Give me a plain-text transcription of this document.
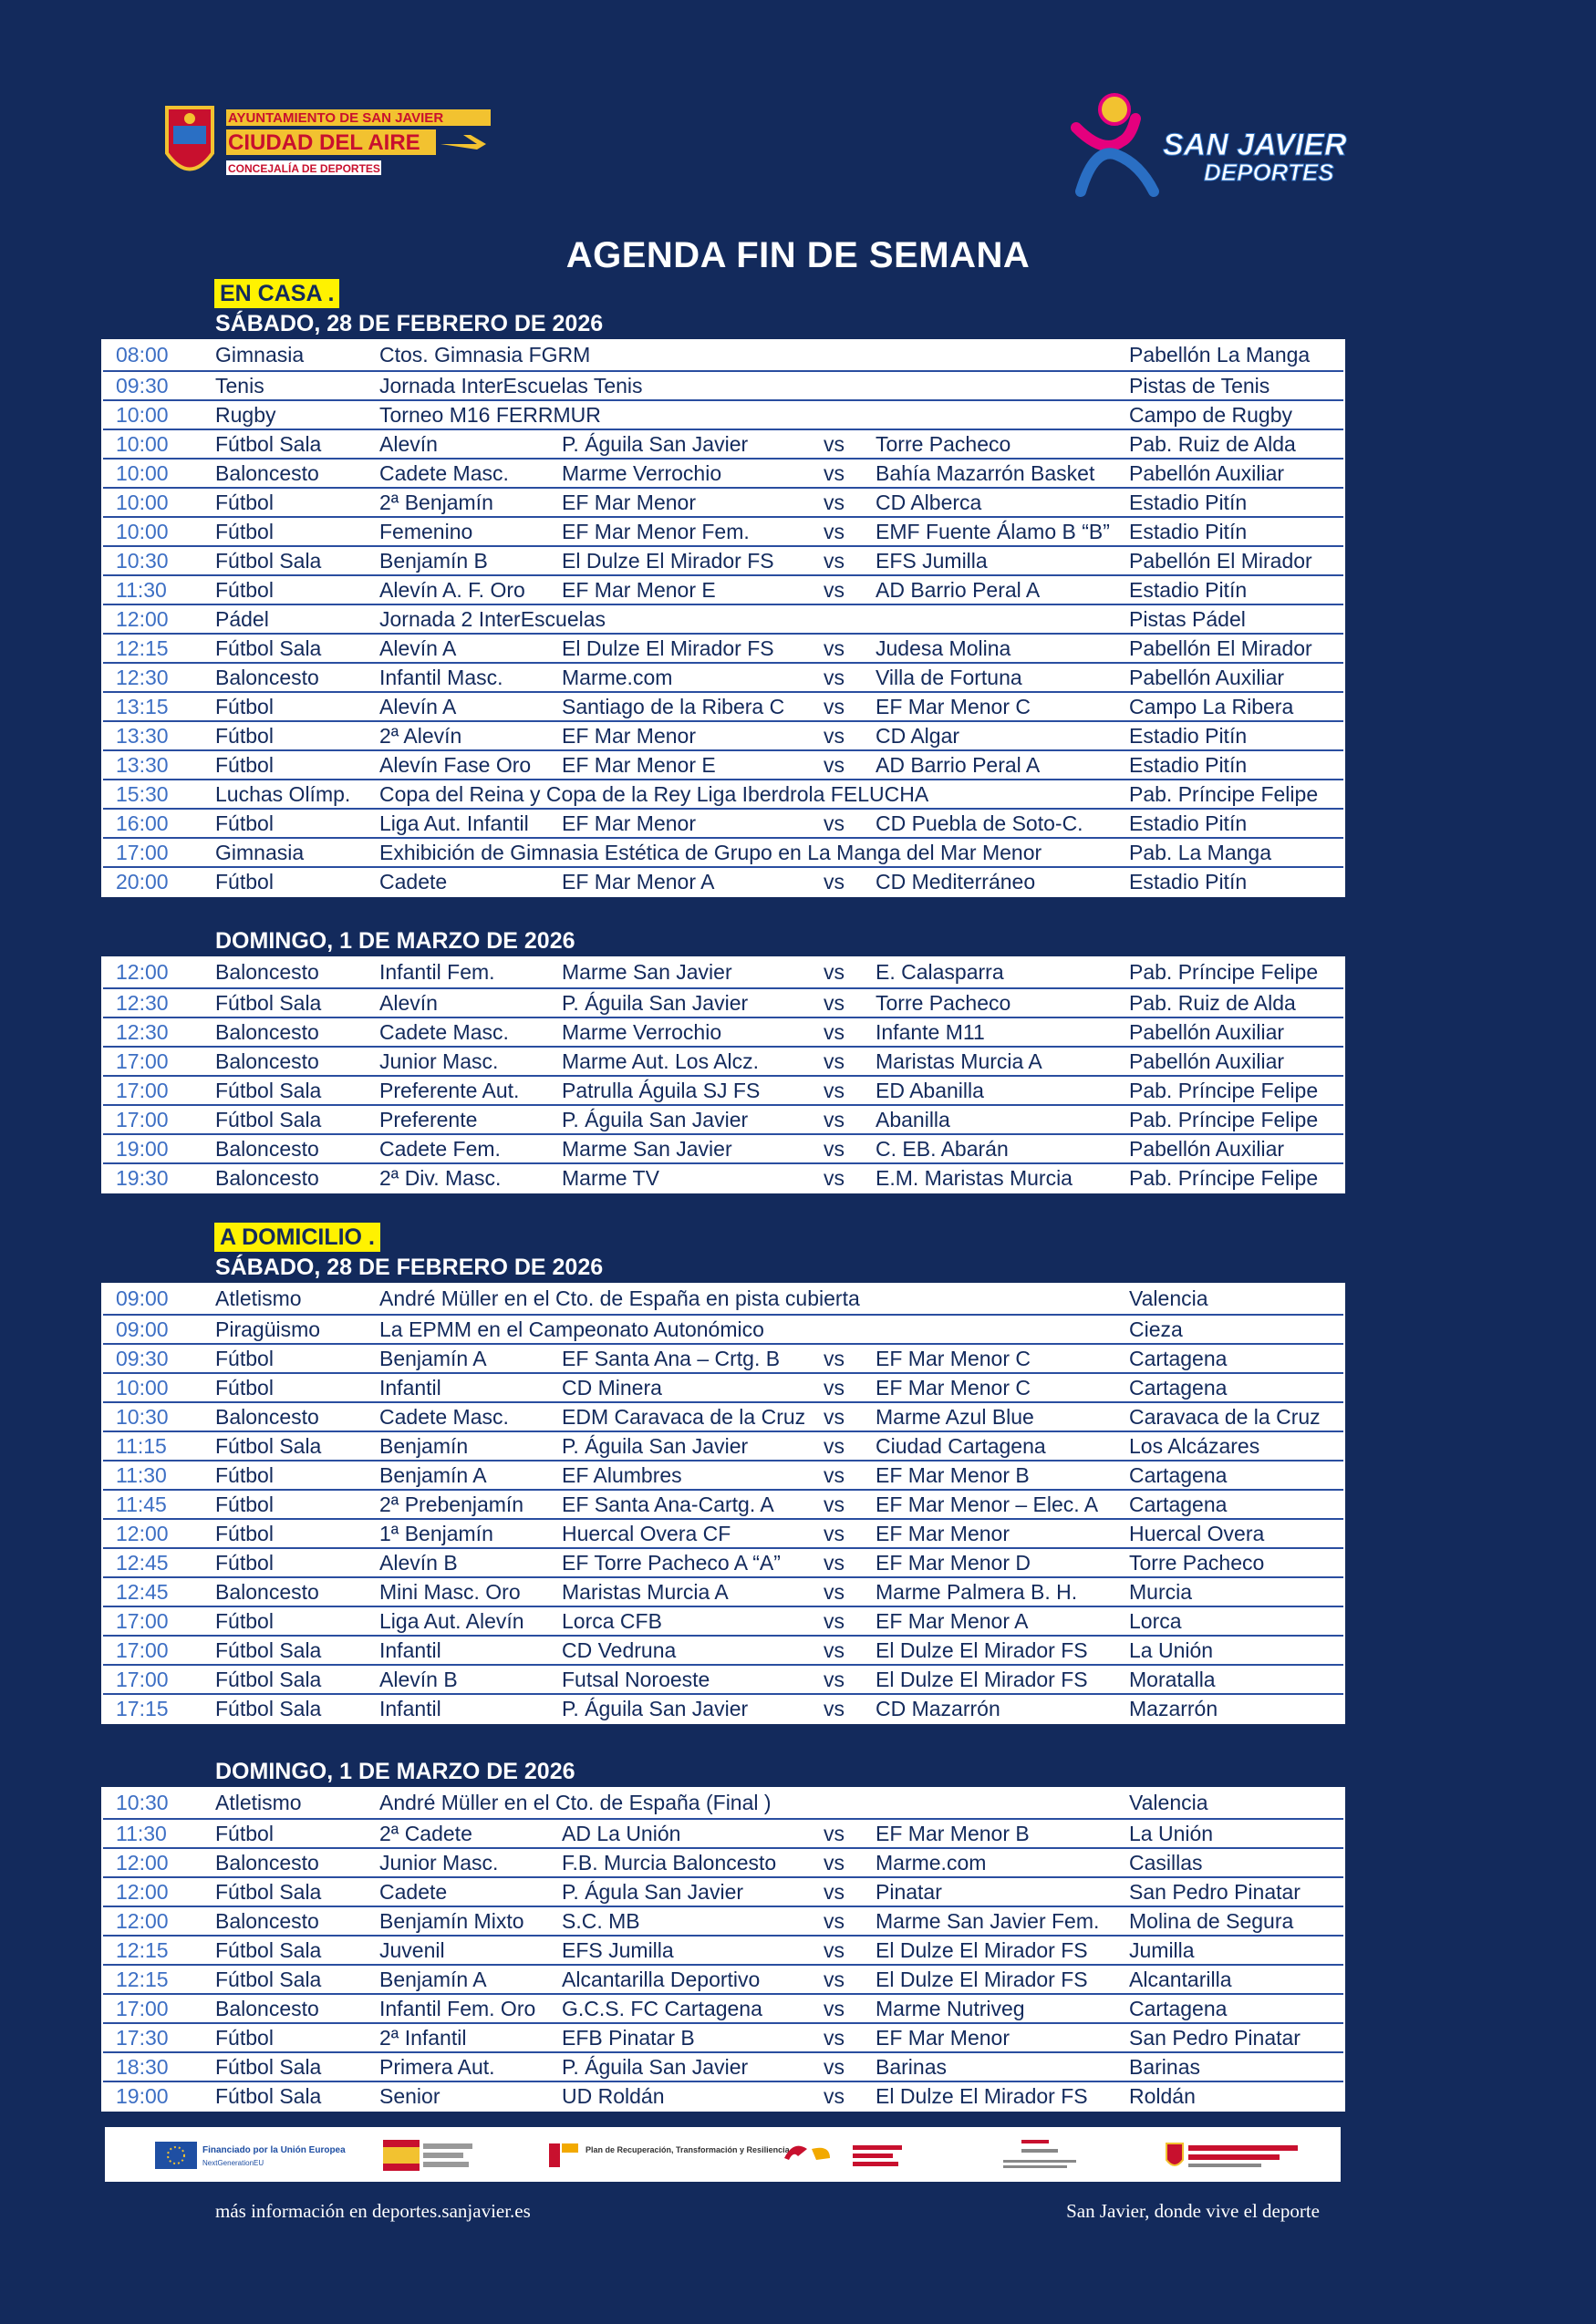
AYUNTAMIENTO DE SAN JAVIER
CIUDAD DEL AIRE
CONCEJALÍA DE DEPORTES
SAN JAVIER
DEPORTES
AGENDA FIN DE SEMANA
EN CASA .
SÁBADO, 28 DE FEBRERO DE 2026
08:00	Gimnasia	Ctos. Gimnasia FGRM	Pabellón La Manga
09:30	Tenis	Jornada InterEscuelas Tenis	Pistas de Tenis
10:00	Rugby	Torneo M16 FERRMUR	Campo de Rugby
10:00	Fútbol Sala	Alevín	P. Águila San Javier	vs	Torre Pacheco	Pab. Ruiz de Alda
10:00	Baloncesto	Cadete Masc.	Marme Verrochio	vs	Bahía Mazarrón Basket	Pabellón Auxiliar
10:00	Fútbol	2ª Benjamín	EF Mar Menor	vs	CD Alberca	Estadio Pitín
10:00	Fútbol	Femenino	EF Mar Menor Fem.	vs	EMF Fuente Álamo B “B” Estadio Pitín
10:30	Fútbol Sala	Benjamín B	El Dulze El Mirador FS	vs	EFS Jumilla	Pabellón El Mirador
11:30	Fútbol	Alevín A. F. Oro	EF Mar Menor E	vs	AD Barrio Peral A	Estadio Pitín
12:00	Pádel	Jornada 2 InterEscuelas	Pistas Pádel
12:15	Fútbol Sala	Alevín A	El Dulze El Mirador FS	vs	Judesa Molina	Pabellón El Mirador
12:30	Baloncesto	Infantil Masc.	Marme.com	vs	Villa de Fortuna	Pabellón Auxiliar
13:15	Fútbol	Alevín A	Santiago de la Ribera C	vs	EF Mar Menor C	Campo La Ribera
13:30	Fútbol	2ª Alevín	EF Mar Menor	vs	CD Algar	Estadio Pitín
13:30	Fútbol	Alevín Fase Oro	EF Mar Menor E	vs	AD Barrio Peral A	Estadio Pitín
15:30	Luchas Olímp.	Copa del Reina y Copa de la Rey Liga Iberdrola FELUCHA	Pab. Príncipe Felipe
16:00	Fútbol	Liga Aut. Infantil	EF Mar Menor	vs	CD Puebla de Soto-C.	Estadio Pitín
17:00	Gimnasia	Exhibición de Gimnasia Estética de Grupo en La Manga del Mar Menor	Pab. La Manga
20:00	Fútbol	Cadete	EF Mar Menor A	vs	CD Mediterráneo	Estadio Pitín
DOMINGO, 1 DE MARZO DE 2026
12:00	Baloncesto	Infantil Fem.	Marme San Javier	vs	E. Calasparra	Pab. Príncipe Felipe
12:30	Fútbol Sala	Alevín	P. Águila San Javier	vs	Torre Pacheco	Pab. Ruiz de Alda
12:30	Baloncesto	Cadete Masc.	Marme Verrochio	vs	Infante M11	Pabellón Auxiliar
17:00	Baloncesto	Junior Masc.	Marme Aut. Los Alcz.	vs	Maristas Murcia A	Pabellón Auxiliar
17:00	Fútbol Sala	Preferente Aut.	Patrulla Águila SJ FS	vs	ED Abanilla	Pab. Príncipe Felipe
17:00	Fútbol Sala	Preferente	P. Águila San Javier	vs	Abanilla	Pab. Príncipe Felipe
19:00	Baloncesto	Cadete Fem.	Marme San Javier	vs	C. EB. Abarán	Pabellón Auxiliar
19:30	Baloncesto	2ª Div. Masc.	Marme TV	vs	E.M. Maristas Murcia	Pab. Príncipe Felipe
A DOMICILIO .
SÁBADO, 28 DE FEBRERO DE 2026
09:00	Atletismo	André Müller en el Cto. de España en pista cubierta	Valencia
09:00	Piragüismo	La EPMM en el Campeonato Autonómico	Cieza
09:30	Fútbol	Benjamín A	EF Santa Ana – Crtg. B	vs	EF Mar Menor C	Cartagena
10:00	Fútbol	Infantil	CD Minera	vs	EF Mar Menor C	Cartagena
10:30	Baloncesto	Cadete Masc.	EDM Caravaca de la Cruz vs	Marme Azul Blue	Caravaca de la Cruz
11:15	Fútbol Sala	Benjamín	P. Águila San Javier	vs	Ciudad Cartagena	Los Alcázares
11:30	Fútbol	Benjamín A	EF Alumbres	vs	EF Mar Menor B	Cartagena
11:45	Fútbol	2ª Prebenjamín	EF Santa Ana-Cartg. A	vs	EF Mar Menor – Elec. A	Cartagena
12:00	Fútbol	1ª Benjamín	Huercal Overa CF	vs	EF Mar Menor	Huercal Overa
12:45	Fútbol	Alevín B	EF Torre Pacheco A “A”	vs	EF Mar Menor D	Torre Pacheco
12:45	Baloncesto	Mini Masc. Oro	Maristas Murcia A	vs	Marme Palmera B. H.	Murcia
17:00	Fútbol	Liga Aut. Alevín	Lorca CFB	vs	EF Mar Menor A	Lorca
17:00	Fútbol Sala	Infantil	CD Vedruna	vs	El Dulze El Mirador FS	La Unión
17:00	Fútbol Sala	Alevín B	Futsal Noroeste	vs	El Dulze El Mirador FS	Moratalla
17:15	Fútbol Sala	Infantil	P. Águila San Javier	vs	CD Mazarrón	Mazarrón
DOMINGO, 1 DE MARZO DE 2026
10:30	Atletismo	André Müller en el Cto. de España (Final )	Valencia
11:30	Fútbol	2ª Cadete	AD La Unión	vs	EF Mar Menor B	La Unión
12:00	Baloncesto	Junior Masc.	F.B. Murcia Baloncesto	vs	Marme.com	Casillas
12:00	Fútbol Sala	Cadete	P. Águla San Javier	vs	Pinatar	San Pedro Pinatar
12:00	Baloncesto	Benjamín Mixto	S.C. MB	vs	Marme San Javier Fem.	Molina de Segura
12:15	Fútbol Sala	Juvenil	EFS Jumilla	vs	El Dulze El Mirador FS	Jumilla
12:15	Fútbol Sala	Benjamín A	Alcantarilla Deportivo	vs	El Dulze El Mirador FS	Alcantarilla
17:00	Baloncesto	Infantil Fem. Oro	G.C.S. FC Cartagena	vs	Marme Nutriveg	Cartagena
17:30	Fútbol	2ª Infantil	EFB Pinatar B	vs	EF Mar Menor	San Pedro Pinatar
18:30	Fútbol Sala	Primera Aut.	P. Águila San Javier	vs	Barinas	Barinas
19:00	Fútbol Sala	Senior	UD Roldán	vs	El Dulze El Mirador FS	Roldán
Financiado por la Unión Europea
NextGenerationEU
Plan de Recuperación, Transformación y Resiliencia
más información en deportes.sanjavier.es	San Javier, donde vive el deporte
